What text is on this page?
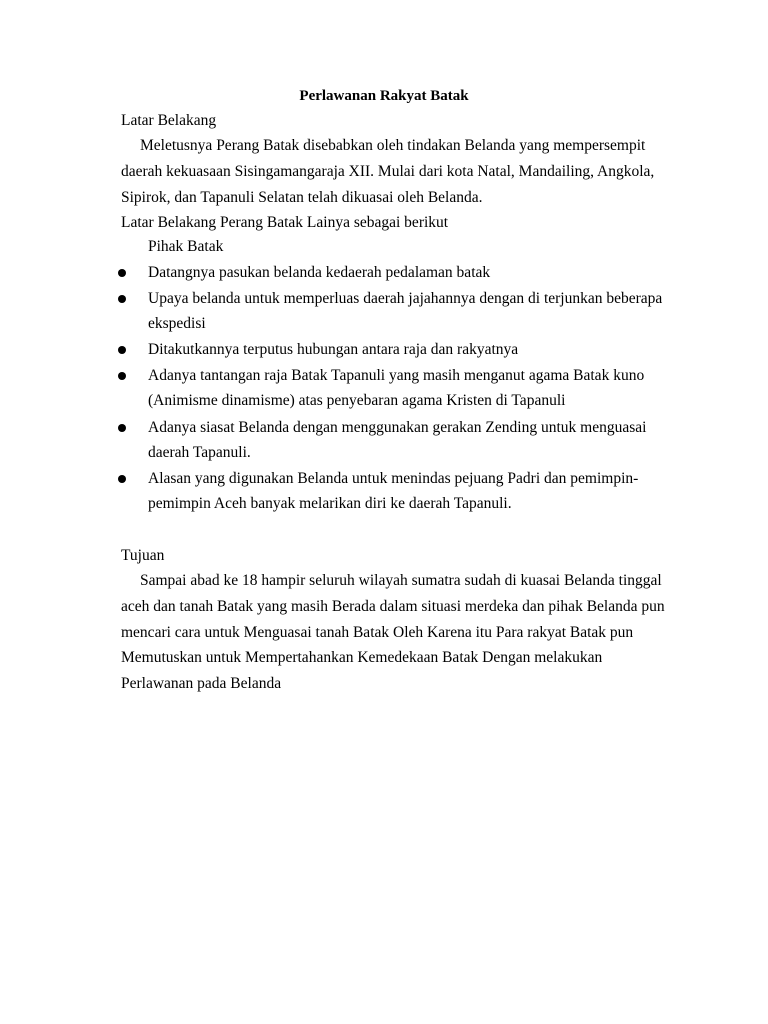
Perlawanan Rakyat Batak
Latar Belakang
Meletusnya Perang Batak disebabkan oleh tindakan Belanda yang mempersempit
daerah kekuasaan Sisingamangaraja XII. Mulai dari kota Natal, Mandailing, Angkola,
Sipirok, dan Tapanuli Selatan telah dikuasai oleh Belanda.
Latar Belakang Perang Batak Lainya sebagai berikut
Pihak Batak
Datangnya pasukan belanda kedaerah pedalaman batak
Upaya belanda untuk memperluas daerah jajahannya dengan di terjunkan beberapa
ekspedisi
Ditakutkannya terputus hubungan antara raja dan rakyatnya
Adanya tantangan raja Batak Tapanuli yang masih menganut agama Batak kuno
(Animisme dinamisme) atas penyebaran agama Kristen di Tapanuli
Adanya siasat Belanda dengan menggunakan gerakan Zending untuk menguasai
daerah Tapanuli.
Alasan yang digunakan Belanda untuk menindas pejuang Padri dan pemimpin-
pemimpin Aceh banyak melarikan diri ke daerah Tapanuli.
Tujuan
Sampai abad ke 18 hampir seluruh wilayah sumatra sudah di kuasai Belanda tinggal
aceh dan tanah Batak yang masih Berada dalam situasi merdeka dan pihak Belanda pun
mencari cara untuk Menguasai tanah Batak Oleh Karena itu Para rakyat Batak pun
Memutuskan untuk Mempertahankan Kemedekaan Batak Dengan melakukan
Perlawanan pada Belanda
